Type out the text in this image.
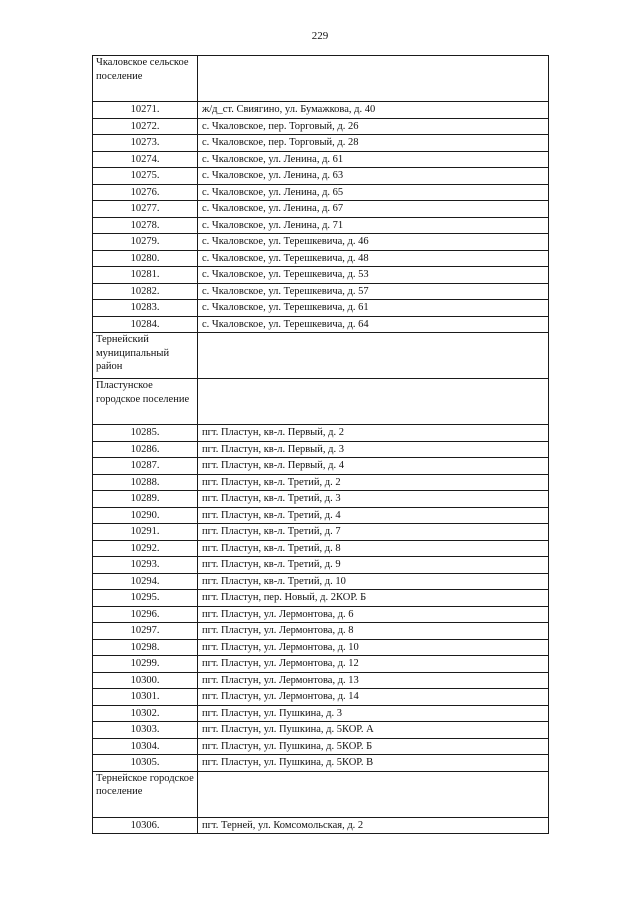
229
Чкаловское сельское поселение	
10271.	ж/д_ст. Свиягино, ул. Бумажкова, д. 40
10272.	с. Чкаловское, пер. Торговый, д. 26
10273.	с. Чкаловское, пер. Торговый, д. 28
10274.	с. Чкаловское, ул. Ленина, д. 61
10275.	с. Чкаловское, ул. Ленина, д. 63
10276.	с. Чкаловское, ул. Ленина, д. 65
10277.	с. Чкаловское, ул. Ленина, д. 67
10278.	с. Чкаловское, ул. Ленина, д. 71
10279.	с. Чкаловское, ул. Терешкевича, д. 46
10280.	с. Чкаловское, ул. Терешкевича, д. 48
10281.	с. Чкаловское, ул. Терешкевича, д. 53
10282.	с. Чкаловское, ул. Терешкевича, д. 57
10283.	с. Чкаловское, ул. Терешкевича, д. 61
10284.	с. Чкаловское, ул. Терешкевича, д. 64
Тернейский муниципальный район	
Пластунское городское поселение	
10285.	пгт. Пластун, кв-л. Первый, д. 2
10286.	пгт. Пластун, кв-л. Первый, д. 3
10287.	пгт. Пластун, кв-л. Первый, д. 4
10288.	пгт. Пластун, кв-л. Третий, д. 2
10289.	пгт. Пластун, кв-л. Третий, д. 3
10290.	пгт. Пластун, кв-л. Третий, д. 4
10291.	пгт. Пластун, кв-л. Третий, д. 7
10292.	пгт. Пластун, кв-л. Третий, д. 8
10293.	пгт. Пластун, кв-л. Третий, д. 9
10294.	пгт. Пластун, кв-л. Третий, д. 10
10295.	пгт. Пластун, пер. Новый, д. 2КОР. Б
10296.	пгт. Пластун, ул. Лермонтова, д. 6
10297.	пгт. Пластун, ул. Лермонтова, д. 8
10298.	пгт. Пластун, ул. Лермонтова, д. 10
10299.	пгт. Пластун, ул. Лермонтова, д. 12
10300.	пгт. Пластун, ул. Лермонтова, д. 13
10301.	пгт. Пластун, ул. Лермонтова, д. 14
10302.	пгт. Пластун, ул. Пушкина, д. 3
10303.	пгт. Пластун, ул. Пушкина, д. 5КОР. А
10304.	пгт. Пластун, ул. Пушкина, д. 5КОР. Б
10305.	пгт. Пластун, ул. Пушкина, д. 5КОР. В
Тернейское городское поселение	
10306.	пгт. Терней, ул. Комсомольская, д. 2
